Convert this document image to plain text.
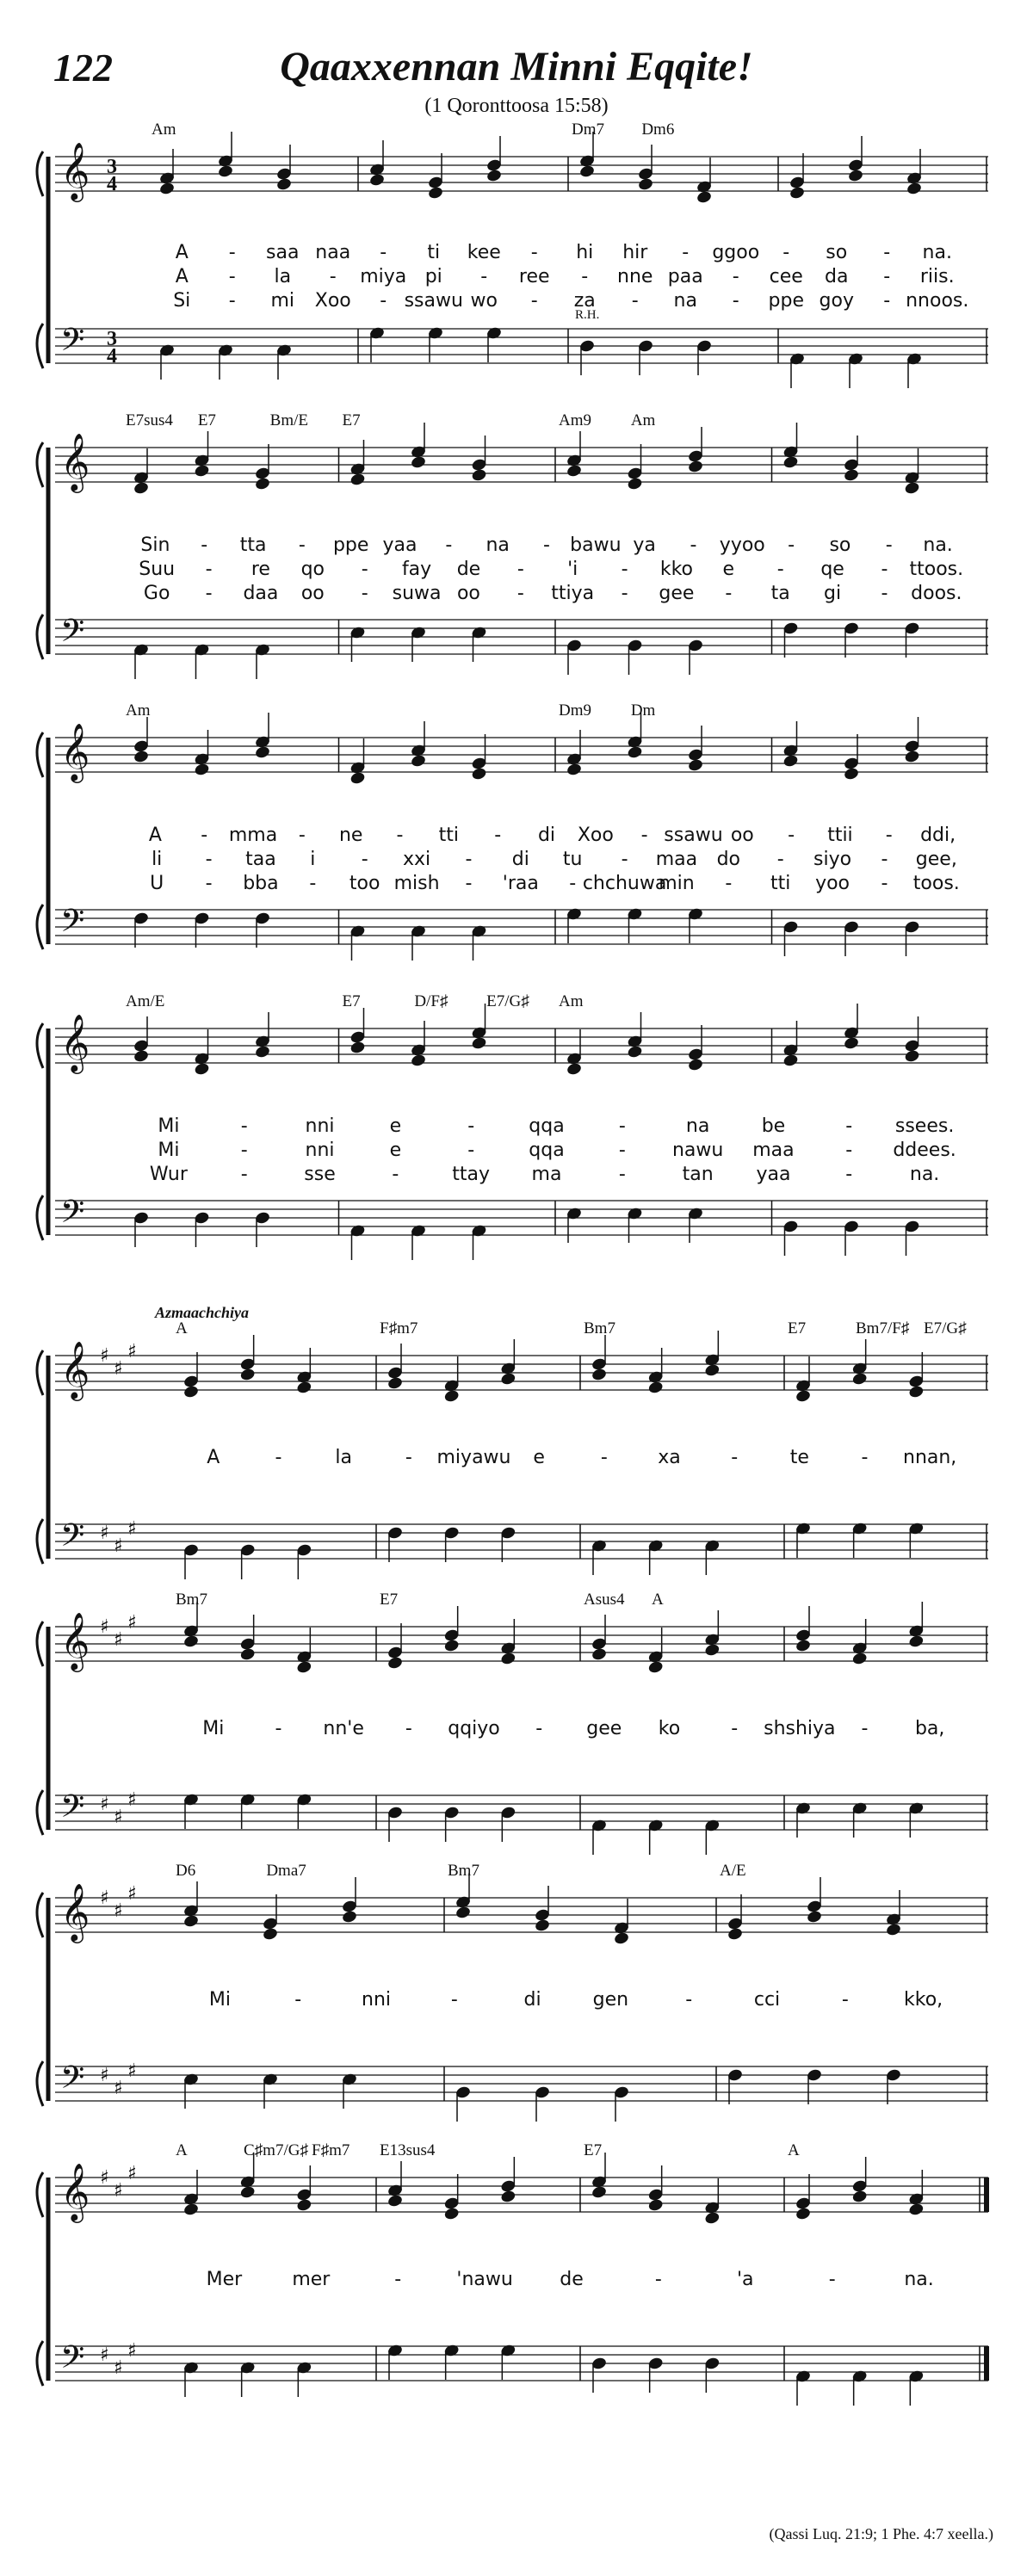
122	Qaaxxennan Minni Eqqite!
(1 Qoronttoosa 15:58)
𝄞
𝄢
3
4
3
4
R.H.
Am	Dm7 Dm6
A - saa naa - ti kee - hi hir - ggoo - so - na.
A - la - miya pi - ree - nne paa - cee da - riis.
Si - mi Xoo - ssawu wo - za - na - ppe goy - nnoos.
𝄞
𝄢
E7sus4 E7	Bm/E E7	Am9 Am
Sin - tta - ppe yaa - na - bawu ya - yyoo - so - na.
Suu - re qo - fay de - 'i - kko e - qe - ttoos.
Go - daa oo - suwa oo - ttiya - gee - ta gi - doos.
𝄞
𝄢
Am	Dm9 Dm
A - mma - ne - tti - di Xoo - ssawu oo - ttii - ddi,
li - taa i - xxi - di tu - maa do - siyo - gee,
U - bba - too mish - 'raa - chchuwa
min - tti yoo - toos.
𝄞
𝄢
Am/E	E7	D/F♯ E7/G♯ Am
Mi	-	nni	e	-	qqa	-	na	be	- ssees.
Mi	-	nni	e	-	qqa	- nawu maa	- ddees.
Wur	-	sse	-	ttay ma	-	tan yaa	-	na.
𝄞
𝄢
♯
♯
♯
♯
♯
♯
Azmaachchiya
A	F♯m7	Bm7	E7	Bm7/F♯ E7/G♯
A	-	la	- miyawu e	-	xa	-	te	- nnan,
𝄞
𝄢
♯
♯
♯
♯
♯
♯
Bm7	E7	Asus4 A
Mi	- nn'e - qqiyo - gee ko	- shshiya - ba,
𝄞
𝄢
♯
♯
♯
♯
♯
♯
D6	Dma7	Bm7	A/E
Mi	-	nni	-	di	gen	-	cci	-	kko,
𝄞
𝄢
♯
♯
♯
♯
♯
♯
A	C♯m7/G♯ F♯m7 E13sus4	E7	A
Mer	mer	-	'nawu de	-	'a	-	na.
(Qassi Luq. 21:9; 1 Phe. 4:7 xeella.)
